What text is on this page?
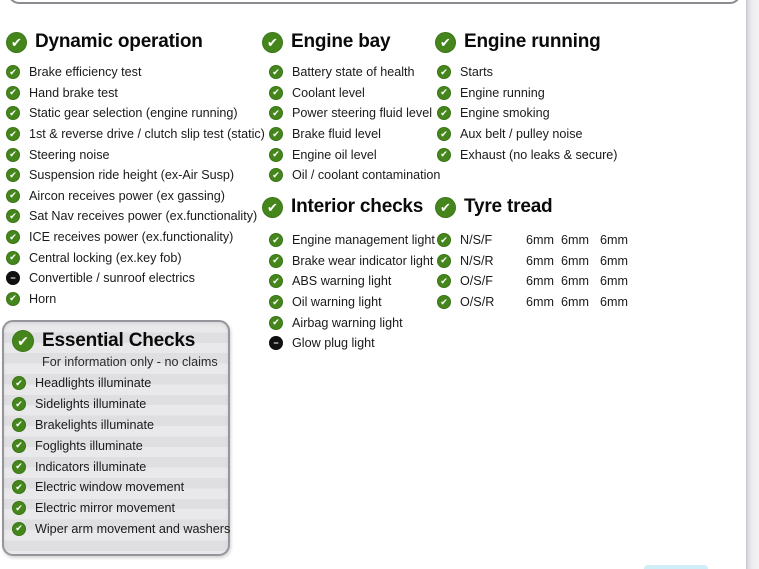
✔
Dynamic operation
✔
Brake efficiency test
✔
Hand brake test
✔
Static gear selection (engine running)
✔
1st & reverse drive / clutch slip test (static)
✔
Steering noise
✔
Suspension ride height (ex-Air Susp)
✔
Aircon receives power (ex gassing)
✔
Sat Nav receives power (ex.functionality)
✔
ICE receives power (ex.functionality)
✔
Central locking (ex.key fob)
−
Convertible / sunroof electrics
✔
Horn
✔
Engine bay
✔
Battery state of health
✔
Coolant level
✔
Power steering fluid level
✔
Brake fluid level
✔
Engine oil level
✔
Oil / coolant contamination
✔
Engine running
✔
Starts
✔
Engine running
✔
Engine smoking
✔
Aux belt / pulley noise
✔
Exhaust (no leaks & secure)
✔
Interior checks
✔
Engine management light
✔
Brake wear indicator light
✔
ABS warning light
✔
Oil warning light
✔
Airbag warning light
−
Glow plug light
✔
Tyre tread
✔
N/S/F	6mm 6mm 6mm
✔
N/S/R	6mm 6mm 6mm
✔
O/S/F	6mm 6mm 6mm
✔
O/S/R	6mm 6mm 6mm
✔
Essential Checks
For information only - no claims
✔
Headlights illuminate
✔
Sidelights illuminate
✔
Brakelights illuminate
✔
Foglights illuminate
✔
Indicators illuminate
✔
Electric window movement
✔
Electric mirror movement
✔
Wiper arm movement and washers
